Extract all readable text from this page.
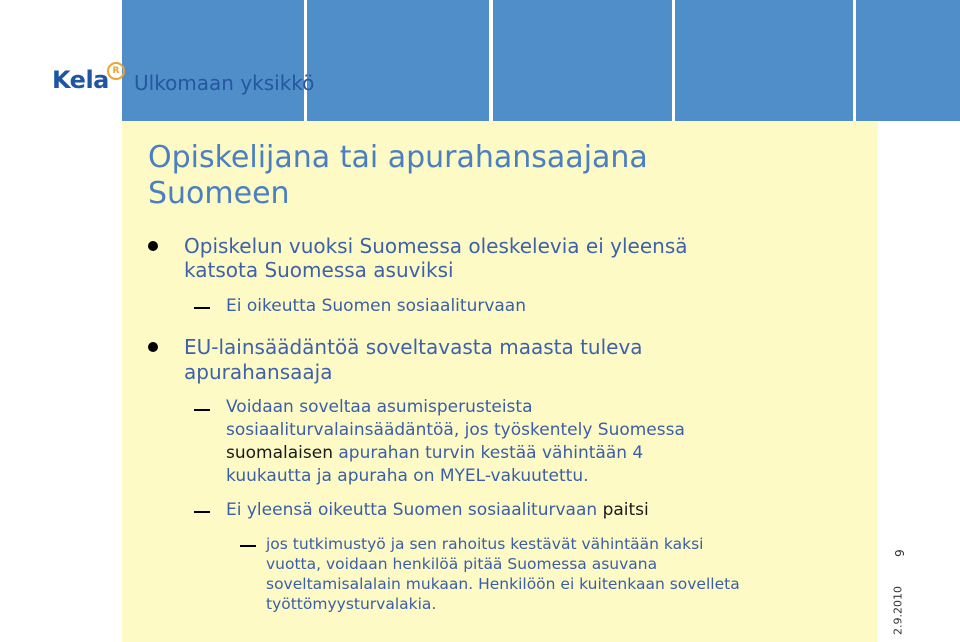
Kela R Ulkomaan yksikkö
Opiskelijana tai apurahansaajana
Suomeen
Opiskelun vuoksi Suomessa oleskelevia ei yleensä
katsota Suomessa asuviksi
Ei oikeutta Suomen sosiaaliturvaan
EU-lainsäädäntöä soveltavasta maasta tuleva
apurahansaaja
Voidaan soveltaa asumisperusteista
sosiaaliturvalainsäädäntöä, jos työskentely Suomessa
suomalaisen apurahan turvin kestää vähintään 4
kuukautta ja apuraha on MYEL-vakuutettu.
Ei yleensä oikeutta Suomen sosiaaliturvaan paitsi
jos tutkimustyö ja sen rahoitus kestävät vähintään kaksi
vuotta, voidaan henkilöä pitää Suomessa asuvana
soveltamisalalain mukaan. Henkilöön ei kuitenkaan sovelleta
työttömyysturvalakia.
9
2.9.2010
